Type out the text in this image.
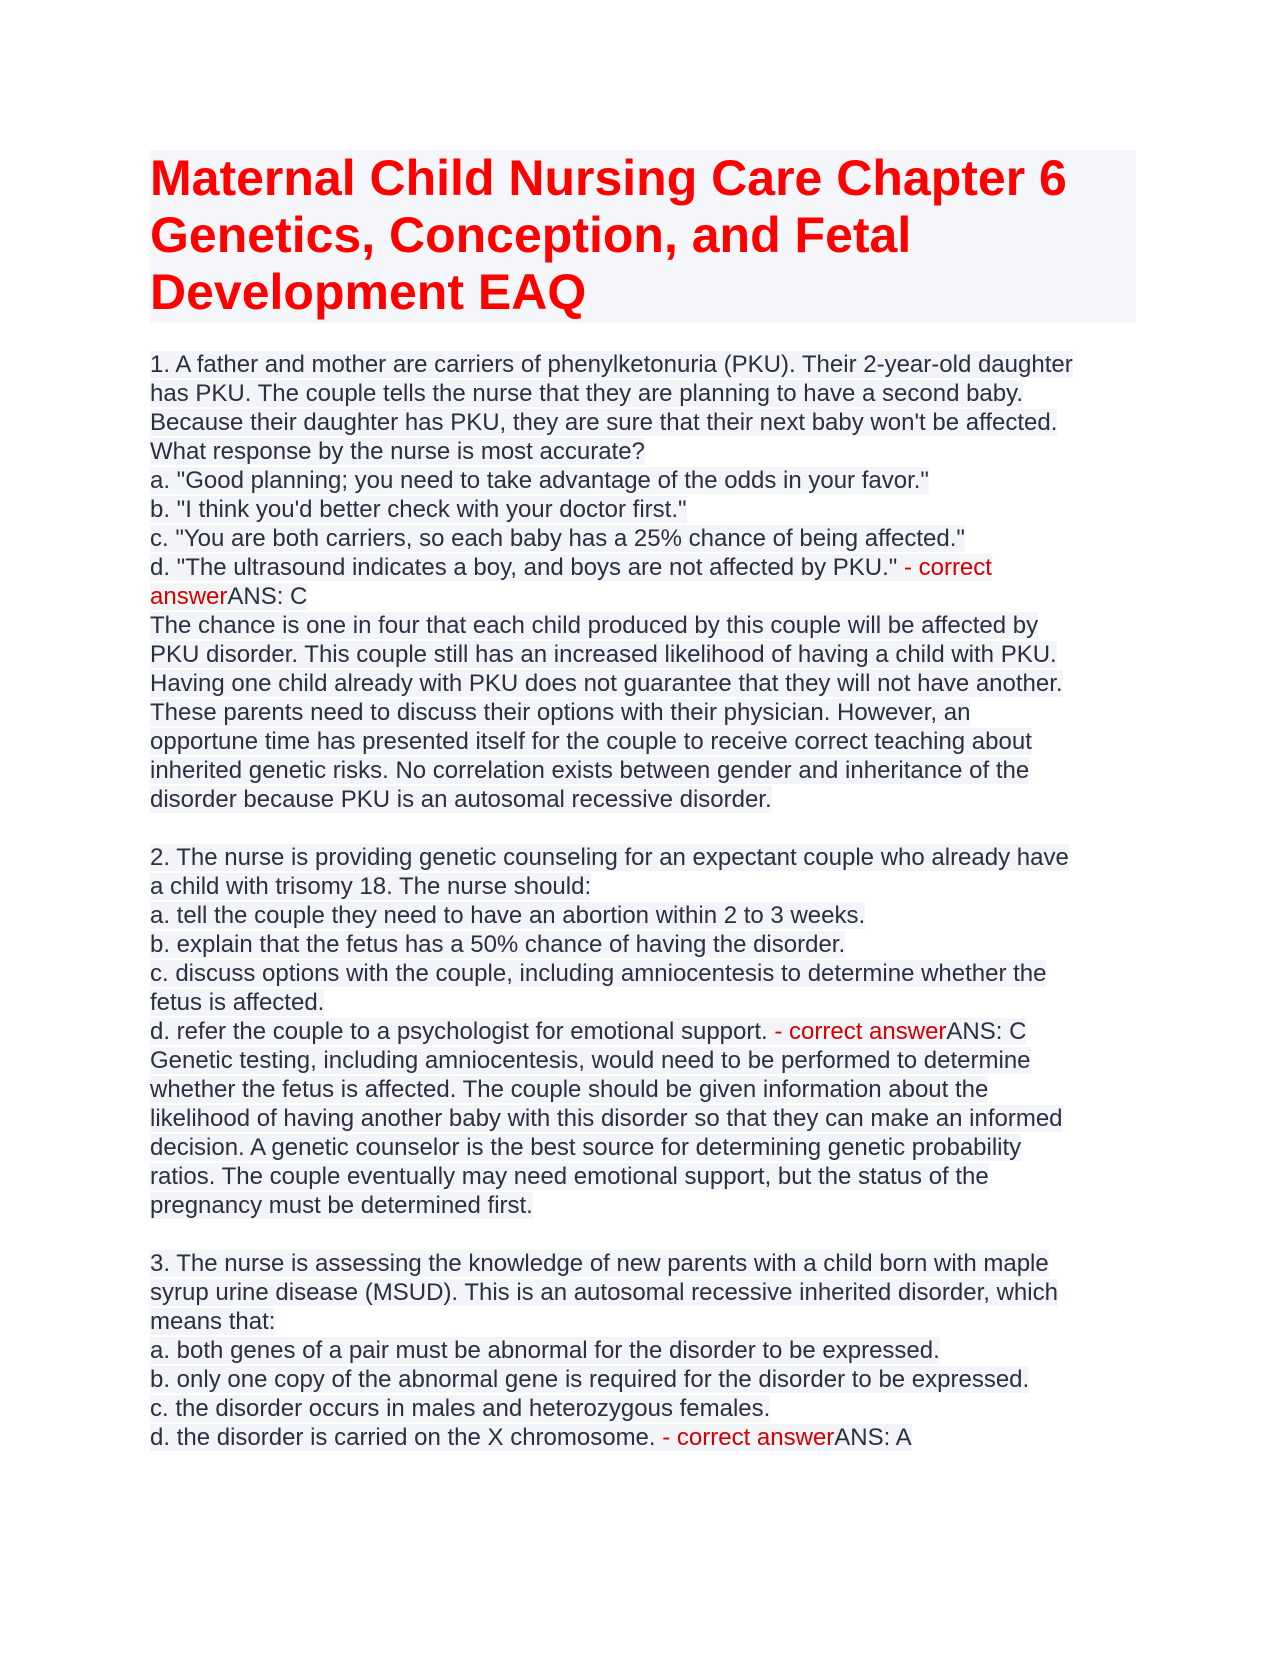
Maternal Child Nursing Care Chapter 6
Genetics, Conception, and Fetal
Development EAQ
1. A father and mother are carriers of phenylketonuria (PKU). Their 2-year-old daughter
has PKU. The couple tells the nurse that they are planning to have a second baby.
Because their daughter has PKU, they are sure that their next baby won't be affected.
What response by the nurse is most accurate?
a. "Good planning; you need to take advantage of the odds in your favor."
b. "I think you'd better check with your doctor first."
c. "You are both carriers, so each baby has a 25% chance of being affected."
d. "The ultrasound indicates a boy, and boys are not affected by PKU." - correct
answerANS: C
The chance is one in four that each child produced by this couple will be affected by
PKU disorder. This couple still has an increased likelihood of having a child with PKU.
Having one child already with PKU does not guarantee that they will not have another.
These parents need to discuss their options with their physician. However, an
opportune time has presented itself for the couple to receive correct teaching about
inherited genetic risks. No correlation exists between gender and inheritance of the
disorder because PKU is an autosomal recessive disorder.
2. The nurse is providing genetic counseling for an expectant couple who already have
a child with trisomy 18. The nurse should:
a. tell the couple they need to have an abortion within 2 to 3 weeks.
b. explain that the fetus has a 50% chance of having the disorder.
c. discuss options with the couple, including amniocentesis to determine whether the
fetus is affected.
d. refer the couple to a psychologist for emotional support. - correct answerANS: C
Genetic testing, including amniocentesis, would need to be performed to determine
whether the fetus is affected. The couple should be given information about the
likelihood of having another baby with this disorder so that they can make an informed
decision. A genetic counselor is the best source for determining genetic probability
ratios. The couple eventually may need emotional support, but the status of the
pregnancy must be determined first.
3. The nurse is assessing the knowledge of new parents with a child born with maple
syrup urine disease (MSUD). This is an autosomal recessive inherited disorder, which
means that:
a. both genes of a pair must be abnormal for the disorder to be expressed.
b. only one copy of the abnormal gene is required for the disorder to be expressed.
c. the disorder occurs in males and heterozygous females.
d. the disorder is carried on the X chromosome. - correct answerANS: A
